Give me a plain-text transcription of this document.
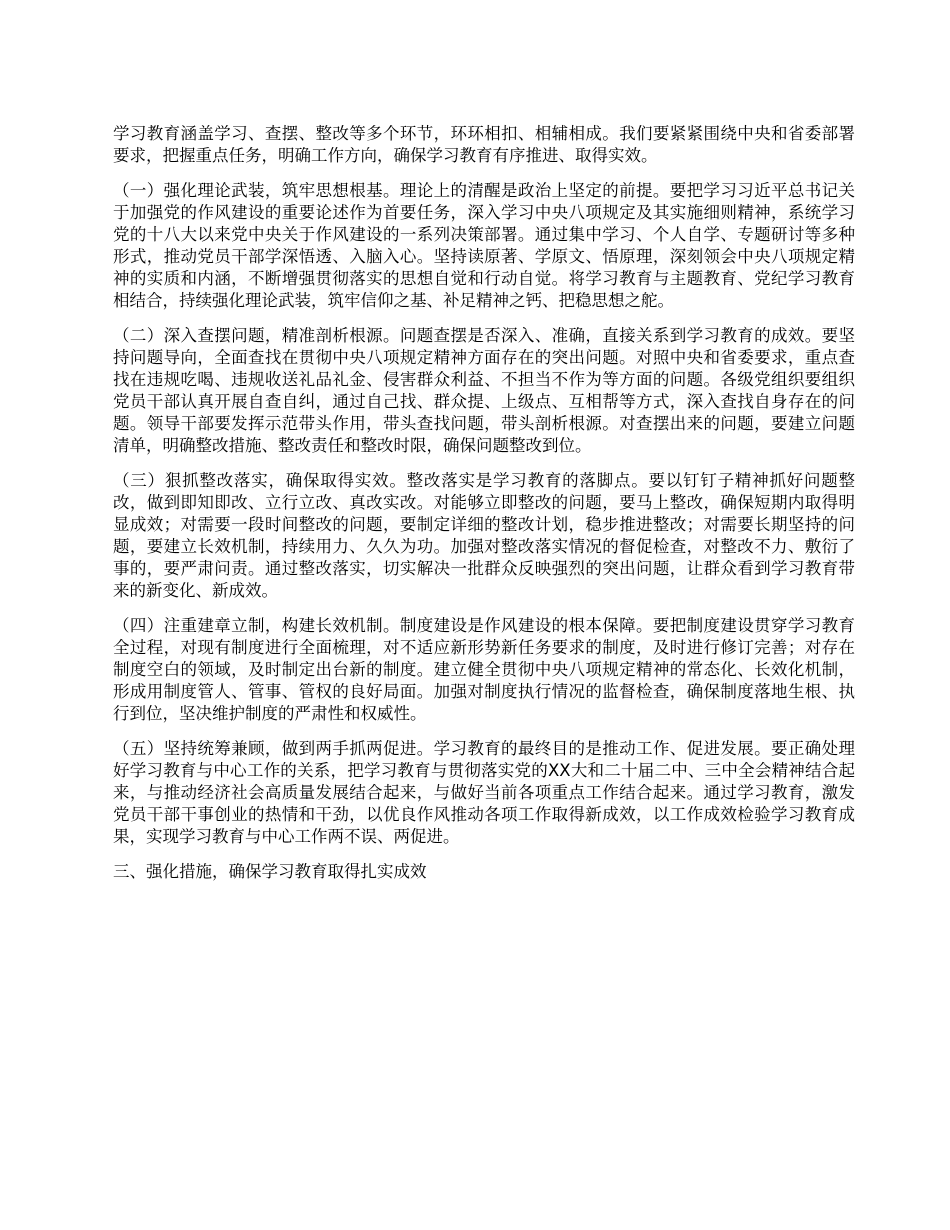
学习教育涵盖学习、查摆、整改等多个环节，环环相扣、相辅相成。我们要紧紧围绕中央和省委部署要求，把握重点任务，明确工作方向，确保学习教育有序推进、取得实效。

（一）强化理论武装，筑牢思想根基。理论上的清醒是政治上坚定的前提。要把学习习近平总书记关于加强党的作风建设的重要论述作为首要任务，深入学习中央八项规定及其实施细则精神，系统学习党的十八大以来党中央关于作风建设的一系列决策部署。通过集中学习、个人自学、专题研讨等多种形式，推动党员干部学深悟透、入脑入心。坚持读原著、学原文、悟原理，深刻领会中央八项规定精神的实质和内涵，不断增强贯彻落实的思想自觉和行动自觉。将学习教育与主题教育、党纪学习教育相结合，持续强化理论武装，筑牢信仰之基、补足精神之钙、把稳思想之舵。

（二）深入查摆问题，精准剖析根源。问题查摆是否深入、准确，直接关系到学习教育的成效。要坚持问题导向，全面查找在贯彻中央八项规定精神方面存在的突出问题。对照中央和省委要求，重点查找在违规吃喝、违规收送礼品礼金、侵害群众利益、不担当不作为等方面的问题。各级党组织要组织党员干部认真开展自查自纠，通过自己找、群众提、上级点、互相帮等方式，深入查找自身存在的问题。领导干部要发挥示范带头作用，带头查找问题，带头剖析根源。对查摆出来的问题，要建立问题清单，明确整改措施、整改责任和整改时限，确保问题整改到位。

（三）狠抓整改落实，确保取得实效。整改落实是学习教育的落脚点。要以钉钉子精神抓好问题整改，做到即知即改、立行立改、真改实改。对能够立即整改的问题，要马上整改，确保短期内取得明显成效；对需要一段时间整改的问题，要制定详细的整改计划，稳步推进整改；对需要长期坚持的问题，要建立长效机制，持续用力、久久为功。加强对整改落实情况的督促检查，对整改不力、敷衍了事的，要严肃问责。通过整改落实，切实解决一批群众反映强烈的突出问题，让群众看到学习教育带来的新变化、新成效。

（四）注重建章立制，构建长效机制。制度建设是作风建设的根本保障。要把制度建设贯穿学习教育全过程，对现有制度进行全面梳理，对不适应新形势新任务要求的制度，及时进行修订完善；对存在制度空白的领域，及时制定出台新的制度。建立健全贯彻中央八项规定精神的常态化、长效化机制，形成用制度管人、管事、管权的良好局面。加强对制度执行情况的监督检查，确保制度落地生根、执行到位，坚决维护制度的严肃性和权威性。

（五）坚持统筹兼顾，做到两手抓两促进。学习教育的最终目的是推动工作、促进发展。要正确处理好学习教育与中心工作的关系，把学习教育与贯彻落实党的XX大和二十届二中、三中全会精神结合起来，与推动经济社会高质量发展结合起来，与做好当前各项重点工作结合起来。通过学习教育，激发党员干部干事创业的热情和干劲，以优良作风推动各项工作取得新成效，以工作成效检验学习教育成果，实现学习教育与中心工作两不误、两促进。

三、强化措施，确保学习教育取得扎实成效
